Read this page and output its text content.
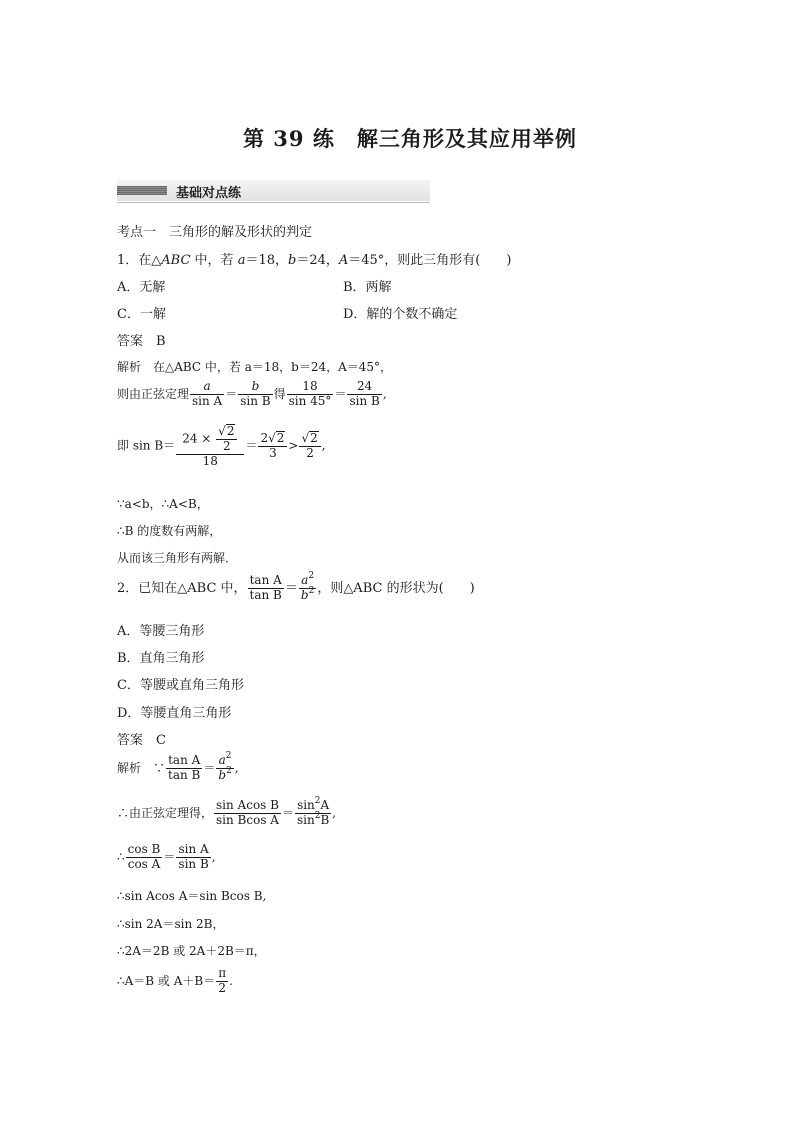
第 39 练　解三角形及其应用举例
基础对点练
考点一　三角形的解及形状的判定
1．在△ABC 中，若 a＝18，b＝24，A＝45°，则此三角形有(　　)
A．无解	B．两解
C．一解	D．解的个数不确定
答案　B
解析　在△ABC 中，若 a＝18，b＝24，A＝45°，
则由正弦定理 $\frac{a}{\text{sin A}} = \frac{b}{\text{sin B}}$ 得 $\frac{18}{\sin 45^\circ} = \frac{24}{\text{sin B}}$ ,
即 $\sin B= \frac{24 \times \frac{√2}{2}}{18} = \frac{2√2}{3} > \frac{√2}{2}$ ,
∵a<b，∴A<B，
∴B 的度数有两解，
从而该三角形有两解．
2．已知在△ABC 中， $\frac{\text{tan A}}{\text{tan B}} = \frac{a^2}{b^2}$ ，则△ABC 的形状为(　　)
A．等腰三角形
B．直角三角形
C．等腰或直角三角形
D．等腰直角三角形
答案　C
解析　∵ $\frac{\text{tan A}}{\text{tan B}} = \frac{a^2}{b^2}$ ,
∴由正弦定理得， $\frac{\text{sin Acos B}}{\text{sin Bcos A}} = \frac{\sin^2A}{\sin^2B}$ ,
∴ $\frac{\text{cos B}}{\text{cos A}} = \frac{\text{sin A}}{\text{sin B}}$ ,
∴sin Acos A＝sin Bcos B,
∴sin 2A＝sin 2B，
∴2A＝2B 或 2A＋2B＝π，
∴A＝B 或 $A+B= \frac{\pi}{2}$ .
